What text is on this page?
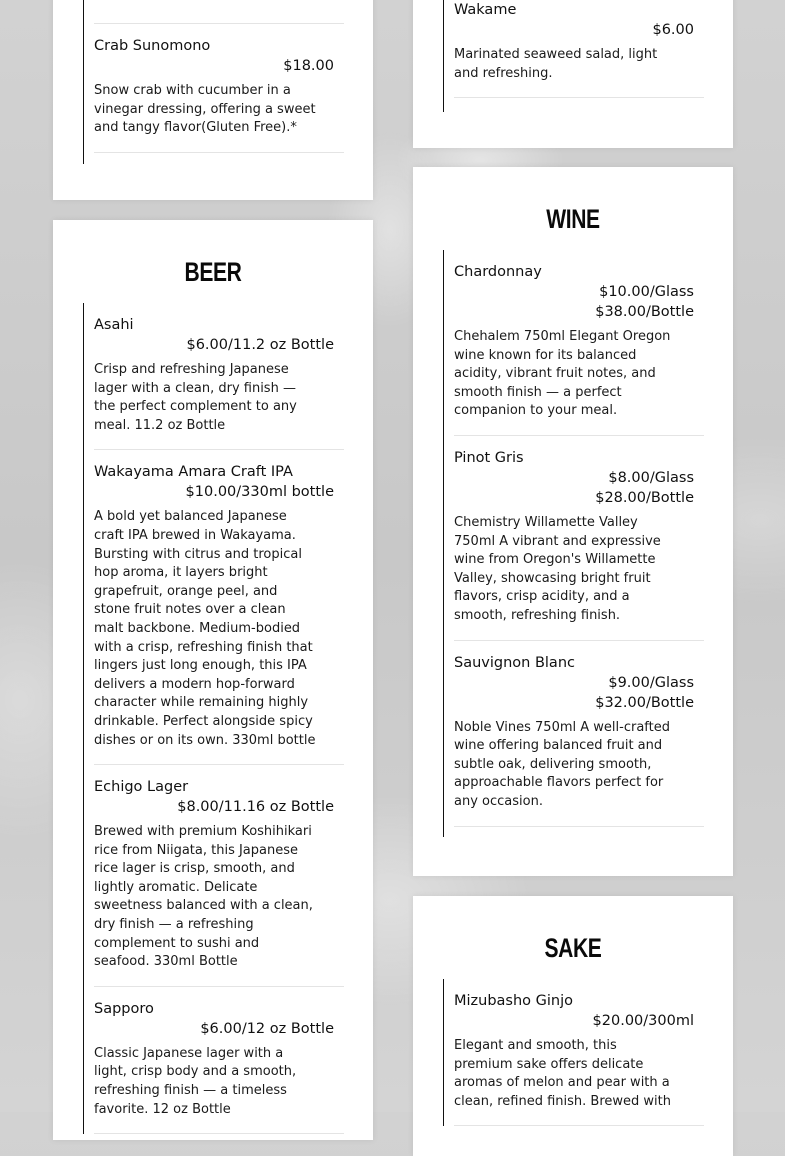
Crab Sunomono
$18.00
Snow crab with cucumber in a vinegar dressing, offering a sweet and tangy flavor(Gluten Free).*
BEER
Asahi
$6.00/11.2 oz Bottle
Crisp and refreshing Japanese lager with a clean, dry finish — the perfect complement to any meal. 11.2 oz Bottle
Wakayama Amara Craft IPA
$10.00/330ml bottle
A bold yet balanced Japanese craft IPA brewed in Wakayama. Bursting with citrus and tropical hop aroma, it layers bright grapefruit, orange peel, and stone fruit notes over a clean malt backbone. Medium-bodied with a crisp, refreshing finish that lingers just long enough, this IPA delivers a modern hop-forward character while remaining highly drinkable. Perfect alongside spicy dishes or on its own. 330ml bottle
Echigo Lager
$8.00/11.16 oz Bottle
Brewed with premium Koshihikari rice from Niigata, this Japanese rice lager is crisp, smooth, and lightly aromatic. Delicate sweetness balanced with a clean, dry finish — a refreshing complement to sushi and seafood. 330ml Bottle
Sapporo
$6.00/12 oz Bottle
Classic Japanese lager with a light, crisp body and a smooth, refreshing finish — a timeless favorite. 12 oz Bottle
Wakame
$6.00
Marinated seaweed salad, light and refreshing.
WINE
Chardonnay
$10.00/Glass
$38.00/Bottle
Chehalem 750ml Elegant Oregon wine known for its balanced acidity, vibrant fruit notes, and smooth finish — a perfect companion to your meal.
Pinot Gris
$8.00/Glass
$28.00/Bottle
Chemistry Willamette Valley 750ml A vibrant and expressive wine from Oregon's Willamette Valley, showcasing bright fruit flavors, crisp acidity, and a smooth, refreshing finish.
Sauvignon Blanc
$9.00/Glass
$32.00/Bottle
Noble Vines 750ml A well-crafted wine offering balanced fruit and subtle oak, delivering smooth, approachable flavors perfect for any occasion.
SAKE
Mizubasho Ginjo
$20.00/300ml
Elegant and smooth, this premium sake offers delicate aromas of melon and pear with a clean, refined finish. Brewed with
